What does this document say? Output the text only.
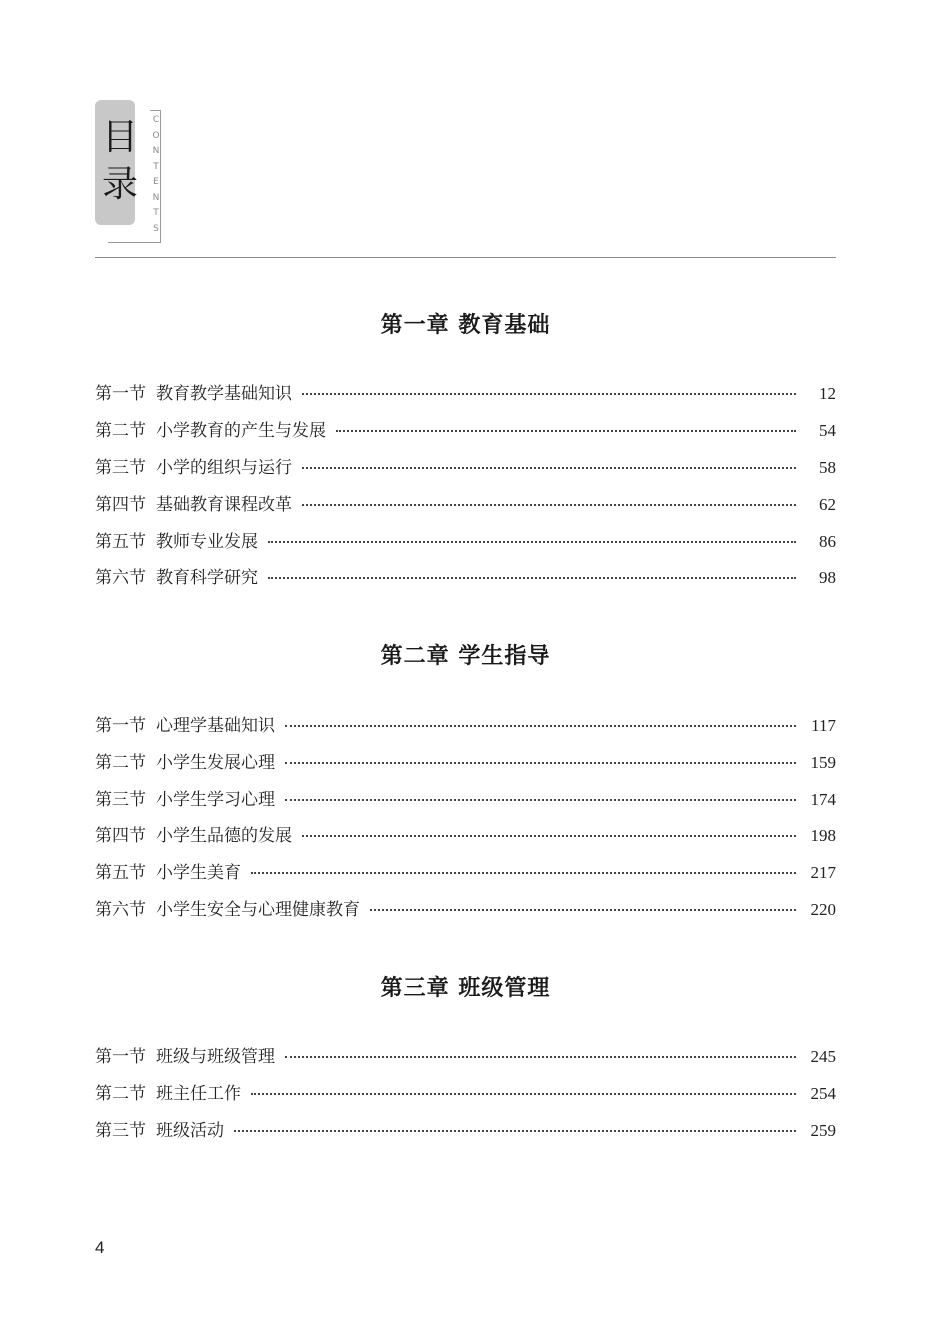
目
录
C
O
N
T
E
N
T
S
第一章 教育基础
第一节 教育教学基础知识	12
第二节 小学教育的产生与发展	54
第三节 小学的组织与运行	58
第四节 基础教育课程改革	62
第五节 教师专业发展	86
第六节 教育科学研究	98
第二章 学生指导
第一节 心理学基础知识	117
第二节 小学生发展心理	159
第三节 小学生学习心理	174
第四节 小学生品德的发展	198
第五节 小学生美育	217
第六节 小学生安全与心理健康教育	220
第三章 班级管理
第一节 班级与班级管理	245
第二节 班主任工作	254
第三节 班级活动	259
4
